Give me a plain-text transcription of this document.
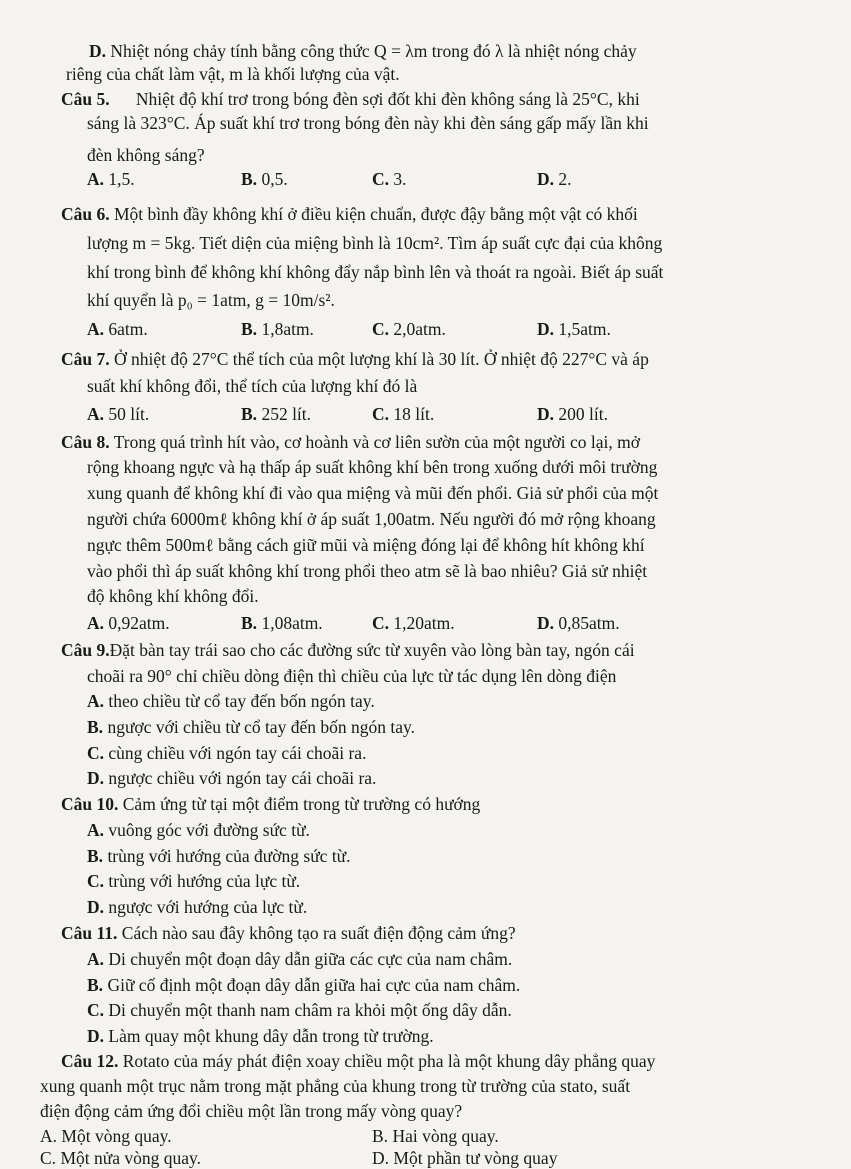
D. Nhiệt nóng chảy tính bằng công thức Q = λm trong đó λ là nhiệt nóng chảy
riêng của chất làm vật, m là khối lượng của vật.
Câu 5. Nhiệt độ khí trơ trong bóng đèn sợi đốt khi đèn không sáng là 25°C, khi
sáng là 323°C. Áp suất khí trơ trong bóng đèn này khi đèn sáng gấp mấy lần khi
đèn không sáng?
A. 1,5.	B. 0,5.	C. 3.	D. 2.
Câu 6. Một bình đầy không khí ở điều kiện chuẩn, được đậy bằng một vật có khối
lượng m = 5kg. Tiết diện của miệng bình là 10cm². Tìm áp suất cực đại của không
khí trong bình để không khí không đẩy nắp bình lên và thoát ra ngoài. Biết áp suất
khí quyển là p₀ = 1atm, g = 10m/s².
A. 6atm.	B. 1,8atm.	C. 2,0atm.	D. 1,5atm.
Câu 7. Ở nhiệt độ 27°C thể tích của một lượng khí là 30 lít. Ở nhiệt độ 227°C và áp
suất khí không đổi, thể tích của lượng khí đó là
A. 50 lít.	B. 252 lít.	C. 18 lít.	D. 200 lít.
Câu 8. Trong quá trình hít vào, cơ hoành và cơ liên sườn của một người co lại, mở
rộng khoang ngực và hạ thấp áp suất không khí bên trong xuống dưới môi trường
xung quanh để không khí đi vào qua miệng và mũi đến phổi. Giả sử phổi của một
người chứa 6000mℓ không khí ở áp suất 1,00atm. Nếu người đó mở rộng khoang
ngực thêm 500mℓ bằng cách giữ mũi và miệng đóng lại để không hít không khí
vào phổi thì áp suất không khí trong phổi theo atm sẽ là bao nhiêu? Giả sử nhiệt
độ không khí không đổi.
A. 0,92atm.	B. 1,08atm.	C. 1,20atm.	D. 0,85atm.
Câu 9.Đặt bàn tay trái sao cho các đường sức từ xuyên vào lòng bàn tay, ngón cái
choãi ra 90° chỉ chiều dòng điện thì chiều của lực từ tác dụng lên dòng điện
A. theo chiều từ cổ tay đến bốn ngón tay.
B. ngược với chiều từ cổ tay đến bốn ngón tay.
C. cùng chiều với ngón tay cái choãi ra.
D. ngược chiều với ngón tay cái choãi ra.
Câu 10. Cảm ứng từ tại một điểm trong từ trường có hướng
A. vuông góc với đường sức từ.
B. trùng với hướng của đường sức từ.
C. trùng với hướng của lực từ.
D. ngược với hướng của lực từ.
Câu 11. Cách nào sau đây không tạo ra suất điện động cảm ứng?
A. Di chuyển một đoạn dây dẫn giữa các cực của nam châm.
B. Giữ cố định một đoạn dây dẫn giữa hai cực của nam châm.
C. Di chuyển một thanh nam châm ra khỏi một ống dây dẫn.
D. Làm quay một khung dây dẫn trong từ trường.
Câu 12. Rotato của máy phát điện xoay chiều một pha là một khung dây phẳng quay
xung quanh một trục nằm trong mặt phẳng của khung trong từ trường của stato, suất
điện động cảm ứng đổi chiều một lần trong mấy vòng quay?
A. Một vòng quay.	B. Hai vòng quay.
C. Một nửa vòng quay.	D. Một phần tư vòng quay
